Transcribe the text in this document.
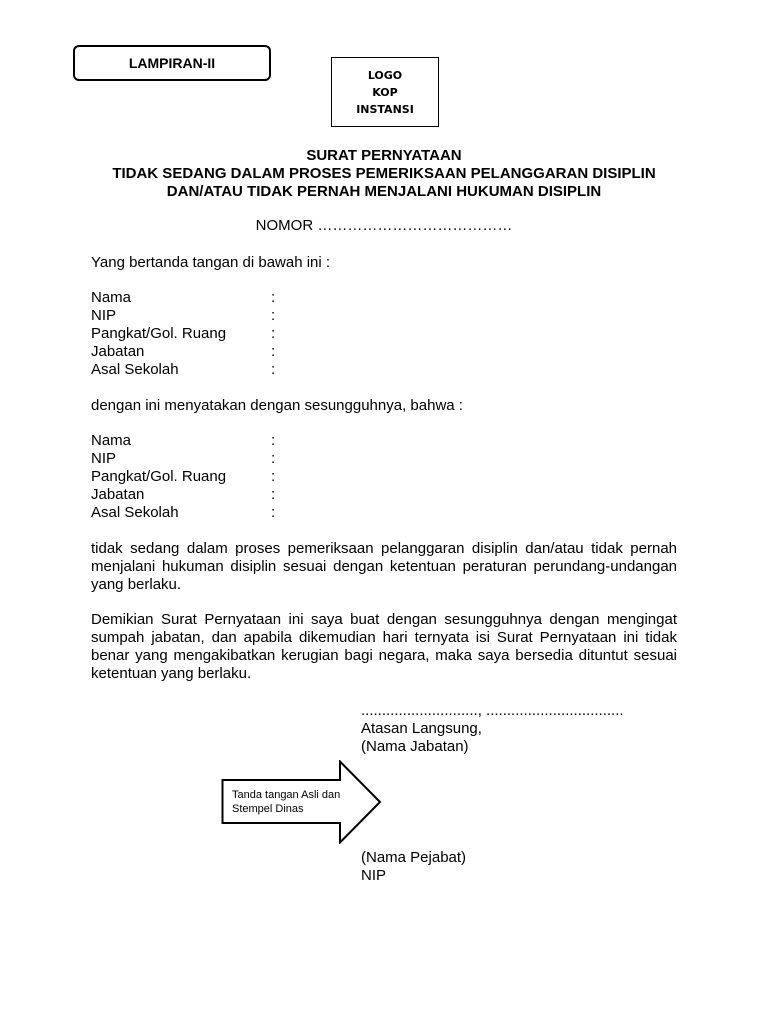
LAMPIRAN-II
LOGO
KOP
INSTANSI
SURAT PERNYATAAN
TIDAK SEDANG DALAM PROSES PEMERIKSAAN PELANGGARAN DISIPLIN
DAN/ATAU TIDAK PERNAH MENJALANI HUKUMAN DISIPLIN
NOMOR …………………………………
Yang bertanda tangan di bawah ini :
Nama	:
NIP	:
Pangkat/Gol. Ruang	:
Jabatan	:
Asal Sekolah	:
dengan ini menyatakan dengan sesungguhnya, bahwa :
Nama	:
NIP	:
Pangkat/Gol. Ruang	:
Jabatan	:
Asal Sekolah	:
tidak sedang dalam proses pemeriksaan pelanggaran disiplin dan/atau tidak pernah menjalani hukuman disiplin sesuai dengan ketentuan peraturan perundang-undangan yang berlaku.
Demikian Surat Pernyataan ini saya buat dengan sesungguhnya dengan mengingat sumpah jabatan, dan apabila dikemudian hari ternyata isi Surat Pernyataan ini tidak benar yang mengakibatkan kerugian bagi negara, maka saya bersedia dituntut sesuai ketentuan yang berlaku.
............................, .................................
Atasan Langsung,
(Nama Jabatan)
Tanda tangan Asli dan Stempel Dinas
(Nama Pejabat)
NIP
